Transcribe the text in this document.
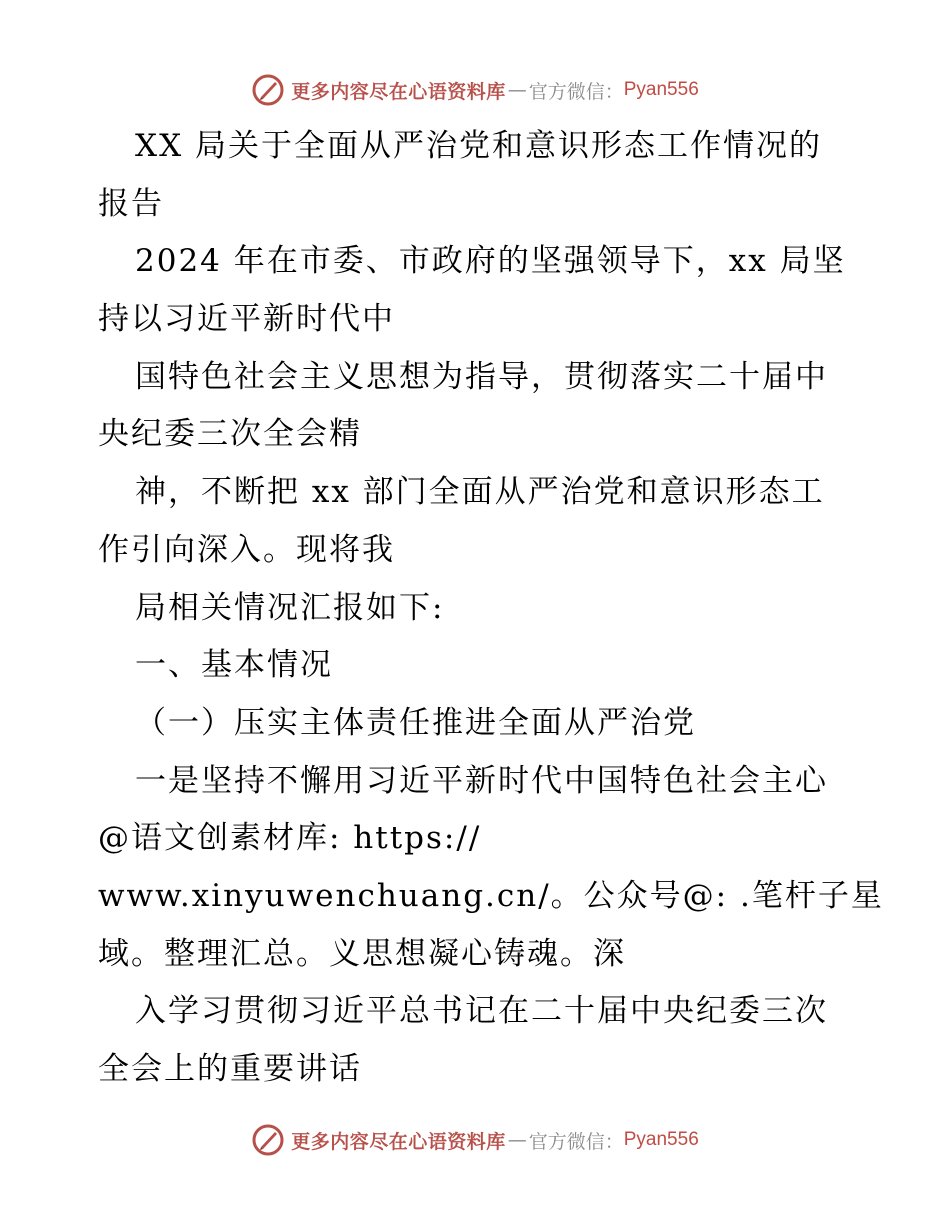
更多内容尽在心语资料库 — 官方微信： Pyan556
XX 局关于全面从严治党和意识形态工作情况的
报告
2024 年在市委、市政府的坚强领导下，xx 局坚
持以习近平新时代中
国特色社会主义思想为指导，贯彻落实二十届中
央纪委三次全会精
神，不断把 xx 部门全面从严治党和意识形态工
作引向深入。现将我
局相关情况汇报如下:
一、基本情况
（一）压实主体责任推进全面从严治党
一是坚持不懈用习近平新时代中国特色社会主心
@语文创素材库: https://
www.xinyuwenchuang.cn/。公众号@: .笔杆子星
域。整理汇总。义思想凝心铸魂。深
入学习贯彻习近平总书记在二十届中央纪委三次
全会上的重要讲话
更多内容尽在心语资料库 — 官方微信： Pyan556
